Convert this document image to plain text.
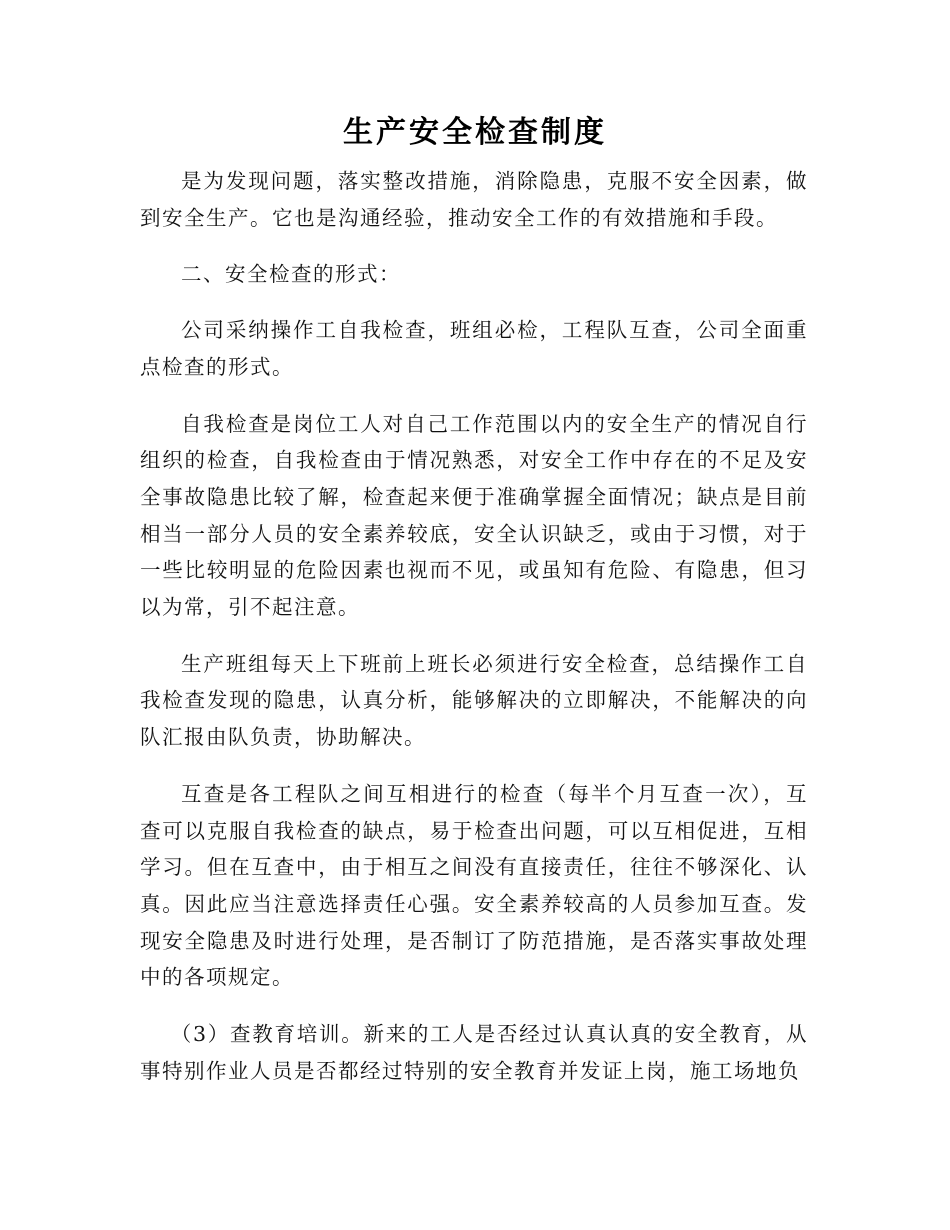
生产安全检查制度

是为发现问题，落实整改措施，消除隐患，克服不安全因素，做到安全生产。它也是沟通经验，推动安全工作的有效措施和手段。

二、安全检查的形式：

公司采纳操作工自我检查，班组必检，工程队互查，公司全面重点检查的形式。

自我检查是岗位工人对自己工作范围以内的安全生产的情况自行组织的检查，自我检查由于情况熟悉，对安全工作中存在的不足及安全事故隐患比较了解，检查起来便于准确掌握全面情况；缺点是目前相当一部分人员的安全素养较底，安全认识缺乏，或由于习惯，对于一些比较明显的危险因素也视而不见，或虽知有危险、有隐患，但习以为常，引不起注意。

生产班组每天上下班前上班长必须进行安全检查，总结操作工自我检查发现的隐患，认真分析，能够解决的立即解决，不能解决的向队汇报由队负责，协助解决。

互查是各工程队之间互相进行的检查（每半个月互查一次），互查可以克服自我检查的缺点，易于检查出问题，可以互相促进，互相学习。但在互查中，由于相互之间没有直接责任，往往不够深化、认真。因此应当注意选择责任心强。安全素养较高的人员参加互查。发现安全隐患及时进行处理，是否制订了防范措施，是否落实事故处理中的各项规定。

（3）查教育培训。新来的工人是否经过认真认真的安全教育，从事特别作业人员是否都经过特别的安全教育并发证上岗，施工场地负
